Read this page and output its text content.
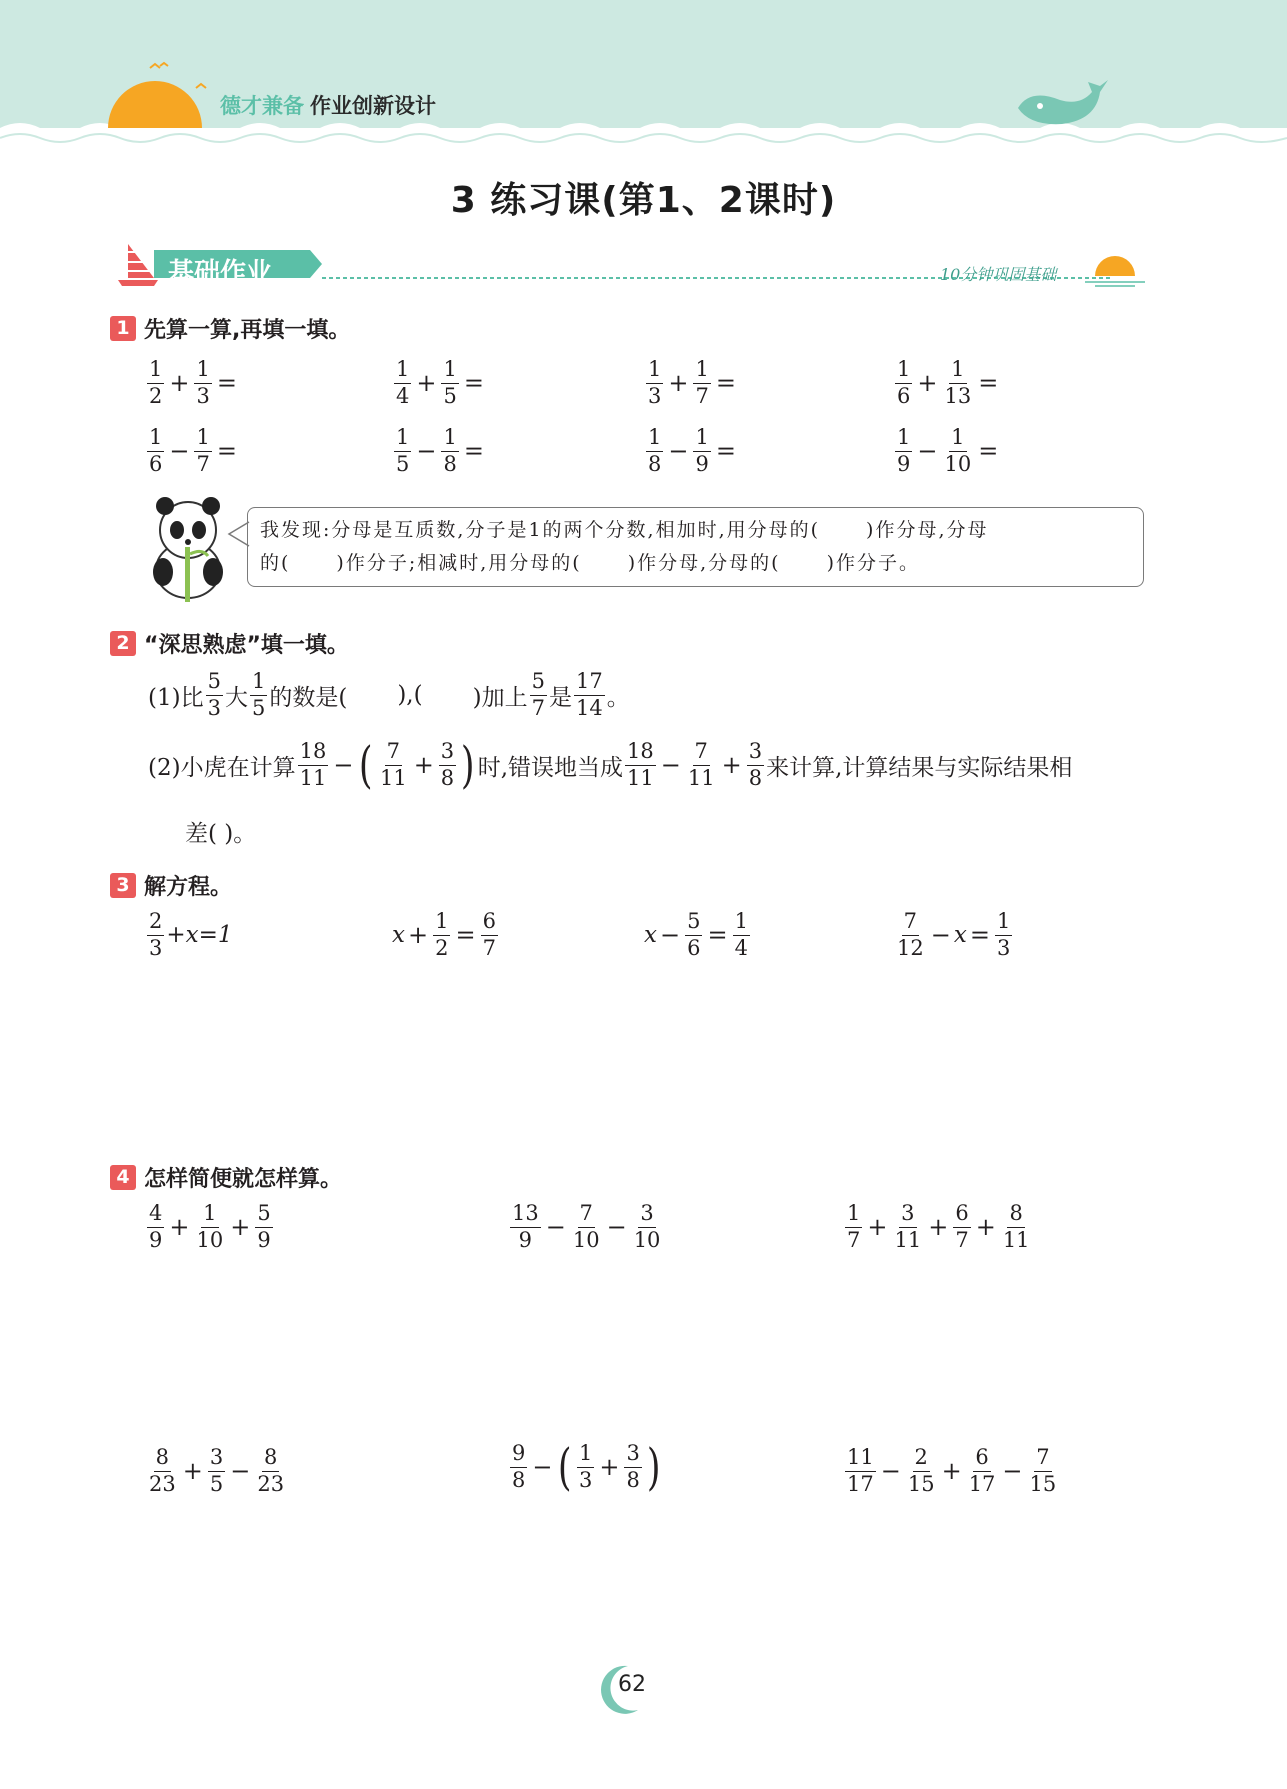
德才兼备 作业创新设计
3 练习课(第1、2课时)
基础作业	10分钟巩固基础
1 先算一算,再填一填。
$\frac{1}{2} + \frac{1}{3}$ =	$\frac{1}{4} + \frac{1}{5}$ =	$\frac{1}{3} + \frac{1}{7}$ =	$\frac{1}{6} + \frac{1}{13}$ =
$\frac{1}{6} - \frac{1}{7}$ =	$\frac{1}{5} - \frac{1}{8}$ =	$\frac{1}{8} - \frac{1}{9}$ =	$\frac{1}{9} - \frac{1}{10}$ =
我发现:分母是互质数,分子是1的两个分数,相加时,用分母的( )作分母,分母
的( )作分子;相减时,用分母的( )作分母,分母的( )作分子。
2 “深思熟虑”填一填。
(1)比 $\frac{5}{3}$ 大 $\frac{1}{5}$ 的数是( ),( )加上 $\frac{5}{7}$ 是 $\frac{17}{14}$ 。
(2)小虎在计算 $\frac{18}{11}$ − ( $\frac{7}{11} + \frac{3}{8}$ ) 时,错误地当成 $\frac{18}{11} - \frac{7}{11} + \frac{3}{8}$ 来计算,计算结果与实际结果相
差( )。
3 解方程。
$\frac{2}{3} +x=1$	$x + \frac{1}{2} = \frac{6}{7}$	$x - \frac{5}{6} = \frac{1}{4}$	$\frac{7}{12} - x = \frac{1}{3}$
4 怎样简便就怎样算。
$\frac{4}{9} + \frac{1}{10} + \frac{5}{9}$	$\frac{13}{9} - \frac{7}{10} - \frac{3}{10}$	$\frac{1}{7} + \frac{3}{11} + \frac{6}{7} + \frac{8}{11}$
$\frac{8}{23} + \frac{3}{5} - \frac{8}{23}$	$\frac{9}{8}$ − ( $\frac{1}{3} + \frac{3}{8}$ )	$\frac{11}{17} - \frac{2}{15} + \frac{6}{17} - \frac{7}{15}$
62
